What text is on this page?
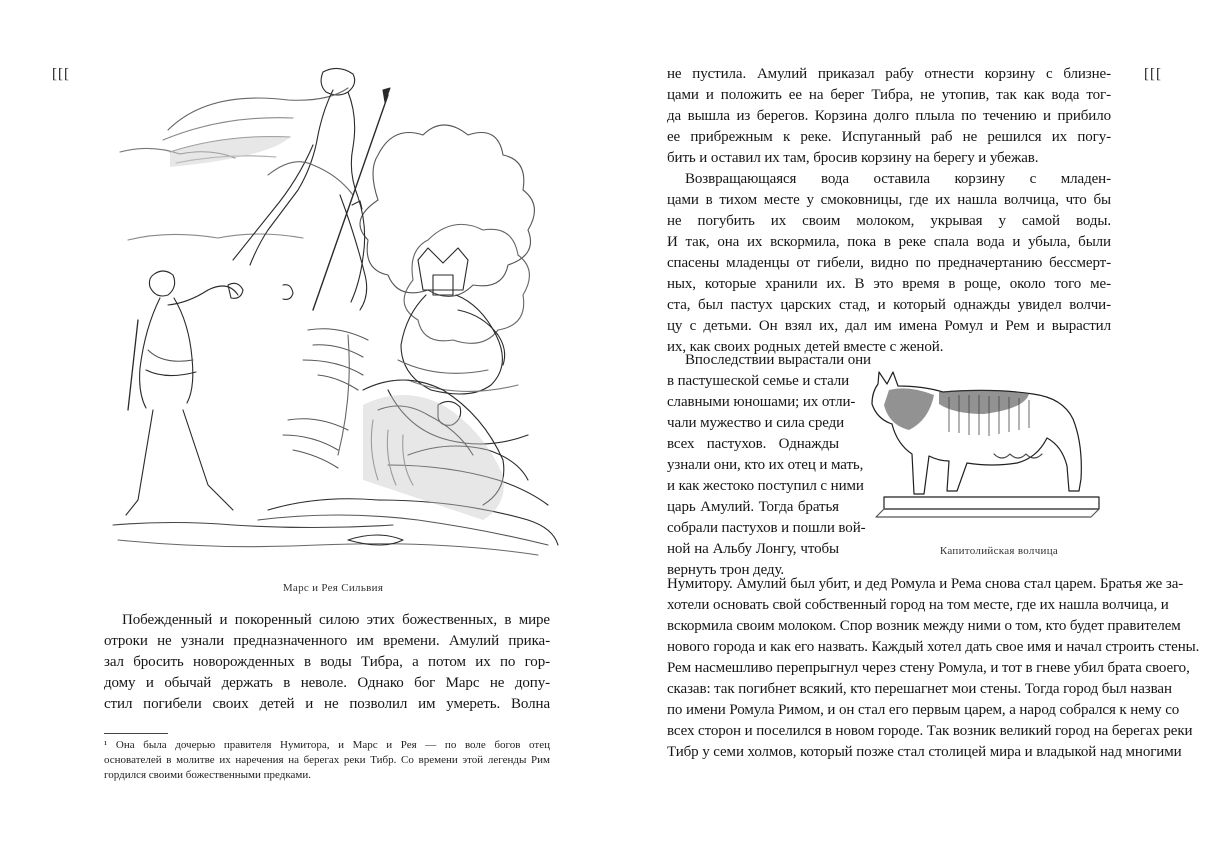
[[[
Марс и Рея Сильвия
Побежденный и покоренный силою этих божественных, в мире
отроки не узнали предназначенного им времени. Амулий прика-
зал бросить новорожденных в воды Тибра, а потом их по гор-
дому и обычай держать в неволе. Однако бог Марс не допу-
стил погибели своих детей и не позволил им умереть. Волна
¹ Она была дочерью правителя Нумитора, и Марс и Рея — по воле богов отец
основателей в молитве их наречения на берегах реки Тибр. Со времени этой легенды Рим
гордился своими божественными предками.
[[[
не пустила. Амулий приказал рабу отнести корзину с близне-
цами и положить ее на берег Тибра, не утопив, так как вода тог-
да вышла из берегов. Корзина долго плыла по течению и прибило
ее прибрежным к реке. Испуганный раб не решился их погу-
бить и оставил их там, бросив корзину на берегу и убежав.
Возвращающаяся вода оставила корзину с младен-
цами в тихом месте у смоковницы, где их нашла волчица, что бы
не погубить их своим молоком, укрывая у самой воды.
И так, она их вскормила, пока в реке спала вода и убыла, были
спасены младенцы от гибели, видно по предначертанию бессмерт-
ных, которые хранили их. В это время в роще, около того ме-
ста, был пастух царских стад, и который однажды увидел волчи-
цу с детьми. Он взял их, дал им имена Ромул и Рем и вырастил
их, как своих родных детей вместе с женой.
Впоследствии вырастали они
в пастушеской семье и стали
славными юношами; их отли-
чали мужество и сила среди
всех пастухов. Однажды
узнали они, кто их отец и мать,
и как жестоко поступил с ними
царь Амулий. Тогда братья
собрали пастухов и пошли вой-
ной на Альбу Лонгу, чтобы
вернуть трон деду.
Капитолийская волчица
Нумитору. Амулий был убит, и дед Ромула и Рема снова стал царем. Братья же за-
хотели основать свой собственный город на том месте, где их нашла волчица, и
вскормила своим молоком. Спор возник между ними о том, кто будет правителем
нового города и как его назвать. Каждый хотел дать свое имя и начал строить стены.
Рем насмешливо перепрыгнул через стену Ромула, и тот в гневе убил брата своего,
сказав: так погибнет всякий, кто перешагнет мои стены. Тогда город был назван
по имени Ромула Римом, и он стал его первым царем, а народ собрался к нему со
всех сторон и поселился в новом городе. Так возник великий город на берегах реки
Тибр у семи холмов, который позже стал столицей мира и владыкой над многими
